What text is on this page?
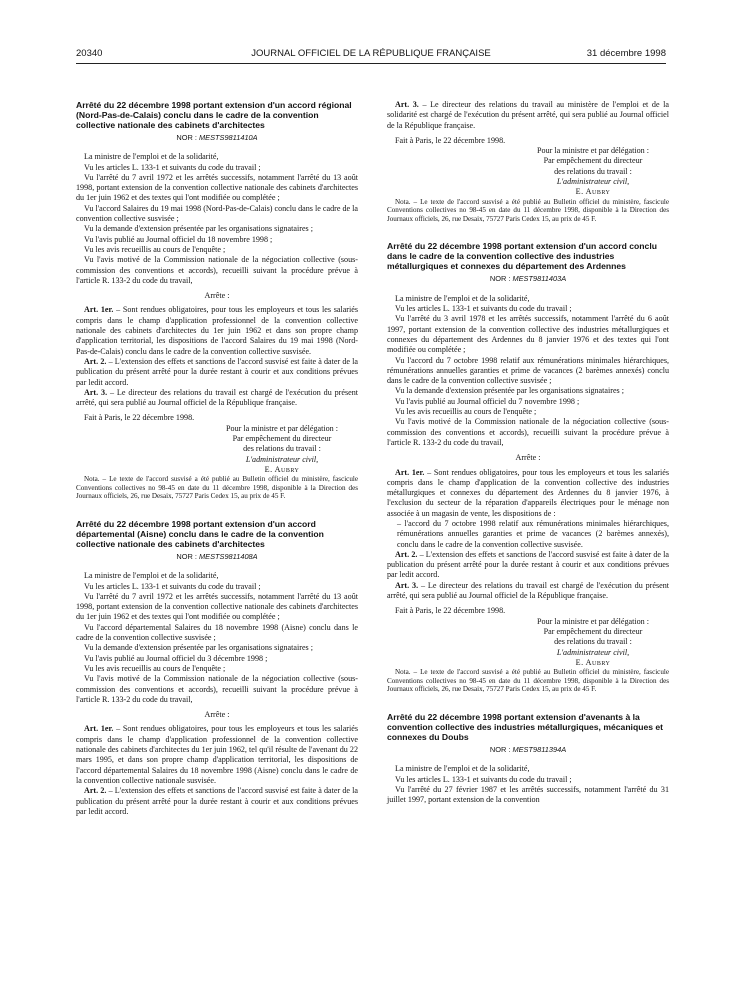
20340	JOURNAL OFFICIEL DE LA RÉPUBLIQUE FRANÇAISE	31 décembre 1998
Arrêté du 22 décembre 1998 portant extension d'un accord régional (Nord-Pas-de-Calais) conclu dans le cadre de la convention collective nationale des cabinets d'architectes

NOR : MESTS9811410A

La ministre de l'emploi et de la solidarité,

Vu les articles L. 133-1 et suivants du code du travail ;

Vu l'arrêté du 7 avril 1972 et les arrêtés successifs, notamment l'arrêté du 13 août 1998, portant extension de la convention collective nationale des cabinets d'architectes du 1er juin 1962 et des textes qui l'ont modifiée ou complétée ;

Vu l'accord Salaires du 19 mai 1998 (Nord-Pas-de-Calais) conclu dans le cadre de la convention collective susvisée ;

Vu la demande d'extension présentée par les organisations signataires ;

Vu l'avis publié au Journal officiel du 18 novembre 1998 ;

Vu les avis recueillis au cours de l'enquête ;

Vu l'avis motivé de la Commission nationale de la négociation collective (sous-commission des conventions et accords), recueilli suivant la procédure prévue à l'article R. 133-2 du code du travail,

Arrête :

Art. 1er. – Sont rendues obligatoires, pour tous les employeurs et tous les salariés compris dans le champ d'application professionnel de la convention collective nationale des cabinets d'architectes du 1er juin 1962 et dans son propre champ d'application territorial, les dispositions de l'accord Salaires du 19 mai 1998 (Nord-Pas-de-Calais) conclu dans le cadre de la convention collective susvisée.

Art. 2. – L'extension des effets et sanctions de l'accord susvisé est faite à dater de la publication du présent arrêté pour la durée restant à courir et aux conditions prévues par ledit accord.

Art. 3. – Le directeur des relations du travail est chargé de l'exécution du présent arrêté, qui sera publié au Journal officiel de la République française.

Fait à Paris, le 22 décembre 1998.

Pour la ministre et par délégation :

Par empêchement du directeur

des relations du travail :

L'administrateur civil,

E. Aubry

Nota. – Le texte de l'accord susvisé a été publié au Bulletin officiel du ministère, fascicule Conventions collectives no 98-45 en date du 11 décembre 1998, disponible à la Direction des Journaux officiels, 26, rue Desaix, 75727 Paris Cedex 15, au prix de 45 F.

Arrêté du 22 décembre 1998 portant extension d'un accord départemental (Aisne) conclu dans le cadre de la convention collective nationale des cabinets d'architectes

NOR : MESTS9811408A

La ministre de l'emploi et de la solidarité,

Vu les articles L. 133-1 et suivants du code du travail ;

Vu l'arrêté du 7 avril 1972 et les arrêtés successifs, notamment l'arrêté du 13 août 1998, portant extension de la convention collective nationale des cabinets d'architectes du 1er juin 1962 et des textes qui l'ont modifiée ou complétée ;

Vu l'accord départemental Salaires du 18 novembre 1998 (Aisne) conclu dans le cadre de la convention collective susvisée ;

Vu la demande d'extension présentée par les organisations signataires ;

Vu l'avis publié au Journal officiel du 3 décembre 1998 ;

Vu les avis recueillis au cours de l'enquête ;

Vu l'avis motivé de la Commission nationale de la négociation collective (sous-commission des conventions et accords), recueilli suivant la procédure prévue à l'article R. 133-2 du code du travail,

Arrête :

Art. 1er. – Sont rendues obligatoires, pour tous les employeurs et tous les salariés compris dans le champ d'application professionnel de la convention collective nationale des cabinets d'architectes du 1er juin 1962, tel qu'il résulte de l'avenant du 22 mars 1995, et dans son propre champ d'application territorial, les dispositions de l'accord départemental Salaires du 18 novembre 1998 (Aisne) conclu dans le cadre de la convention collective nationale susvisée.

Art. 2. – L'extension des effets et sanctions de l'accord susvisé est faite à dater de la publication du présent arrêté pour la durée restant à courir et aux conditions prévues par ledit accord.

Art. 3. – Le directeur des relations du travail au ministère de l'emploi et de la solidarité est chargé de l'exécution du présent arrêté, qui sera publié au Journal officiel de la République française.

Fait à Paris, le 22 décembre 1998.

Pour la ministre et par délégation :

Par empêchement du directeur

des relations du travail :

L'administrateur civil,

E. Aubry

Nota. – Le texte de l'accord susvisé a été publié au Bulletin officiel du ministère, fascicule Conventions collectives no 98-45 en date du 11 décembre 1998, disponible à la Direction des Journaux officiels, 26, rue Desaix, 75727 Paris Cedex 15, au prix de 45 F.

Arrêté du 22 décembre 1998 portant extension d'un accord conclu dans le cadre de la convention collective des industries métallurgiques et connexes du département des Ardennes

NOR : MEST9811403A

La ministre de l'emploi et de la solidarité,

Vu les articles L. 133-1 et suivants du code du travail ;

Vu l'arrêté du 3 avril 1978 et les arrêtés successifs, notamment l'arrêté du 6 août 1997, portant extension de la convention collective des industries métallurgiques et connexes du département des Ardennes du 8 janvier 1976 et des textes qui l'ont modifiée ou complétée ;

Vu l'accord du 7 octobre 1998 relatif aux rémunérations minimales hiérarchiques, rémunérations annuelles garanties et prime de vacances (2 barèmes annexés) conclu dans le cadre de la convention collective susvisée ;

Vu la demande d'extension présentée par les organisations signataires ;

Vu l'avis publié au Journal officiel du 7 novembre 1998 ;

Vu les avis recueillis au cours de l'enquête ;

Vu l'avis motivé de la Commission nationale de la négociation collective (sous-commission des conventions et accords), recueilli suivant la procédure prévue à l'article R. 133-2 du code du travail,

Arrête :

Art. 1er. – Sont rendues obligatoires, pour tous les employeurs et tous les salariés compris dans le champ d'application de la convention collective des industries métallurgiques et connexes du département des Ardennes du 8 janvier 1976, à l'exclusion du secteur de la réparation d'appareils électriques pour le ménage non associée à un magasin de vente, les dispositions de :

– l'accord du 7 octobre 1998 relatif aux rémunérations minimales hiérarchiques, rémunérations annuelles garanties et prime de vacances (2 barèmes annexés), conclu dans le cadre de la convention collective susvisée.

Art. 2. – L'extension des effets et sanctions de l'accord susvisé est faite à dater de la publication du présent arrêté pour la durée restant à courir et aux conditions prévues par ledit accord.

Art. 3. – Le directeur des relations du travail est chargé de l'exécution du présent arrêté, qui sera publié au Journal officiel de la République française.

Fait à Paris, le 22 décembre 1998.

Pour la ministre et par délégation :

Par empêchement du directeur

des relations du travail :

L'administrateur civil,

E. Aubry

Nota. – Le texte de l'accord susvisé a été publié au Bulletin officiel du ministère, fascicule Conventions collectives no 98-45 en date du 11 décembre 1998, disponible à la Direction des Journaux officiels, 26, rue Desaix, 75727 Paris Cedex 15, au prix de 45 F.

Arrêté du 22 décembre 1998 portant extension d'avenants à la convention collective des industries métallurgiques, mécaniques et connexes du Doubs

NOR : MEST9811394A

La ministre de l'emploi et de la solidarité,

Vu les articles L. 133-1 et suivants du code du travail ;

Vu l'arrêté du 27 février 1987 et les arrêtés successifs, notamment l'arrêté du 31 juillet 1997, portant extension de la convention
